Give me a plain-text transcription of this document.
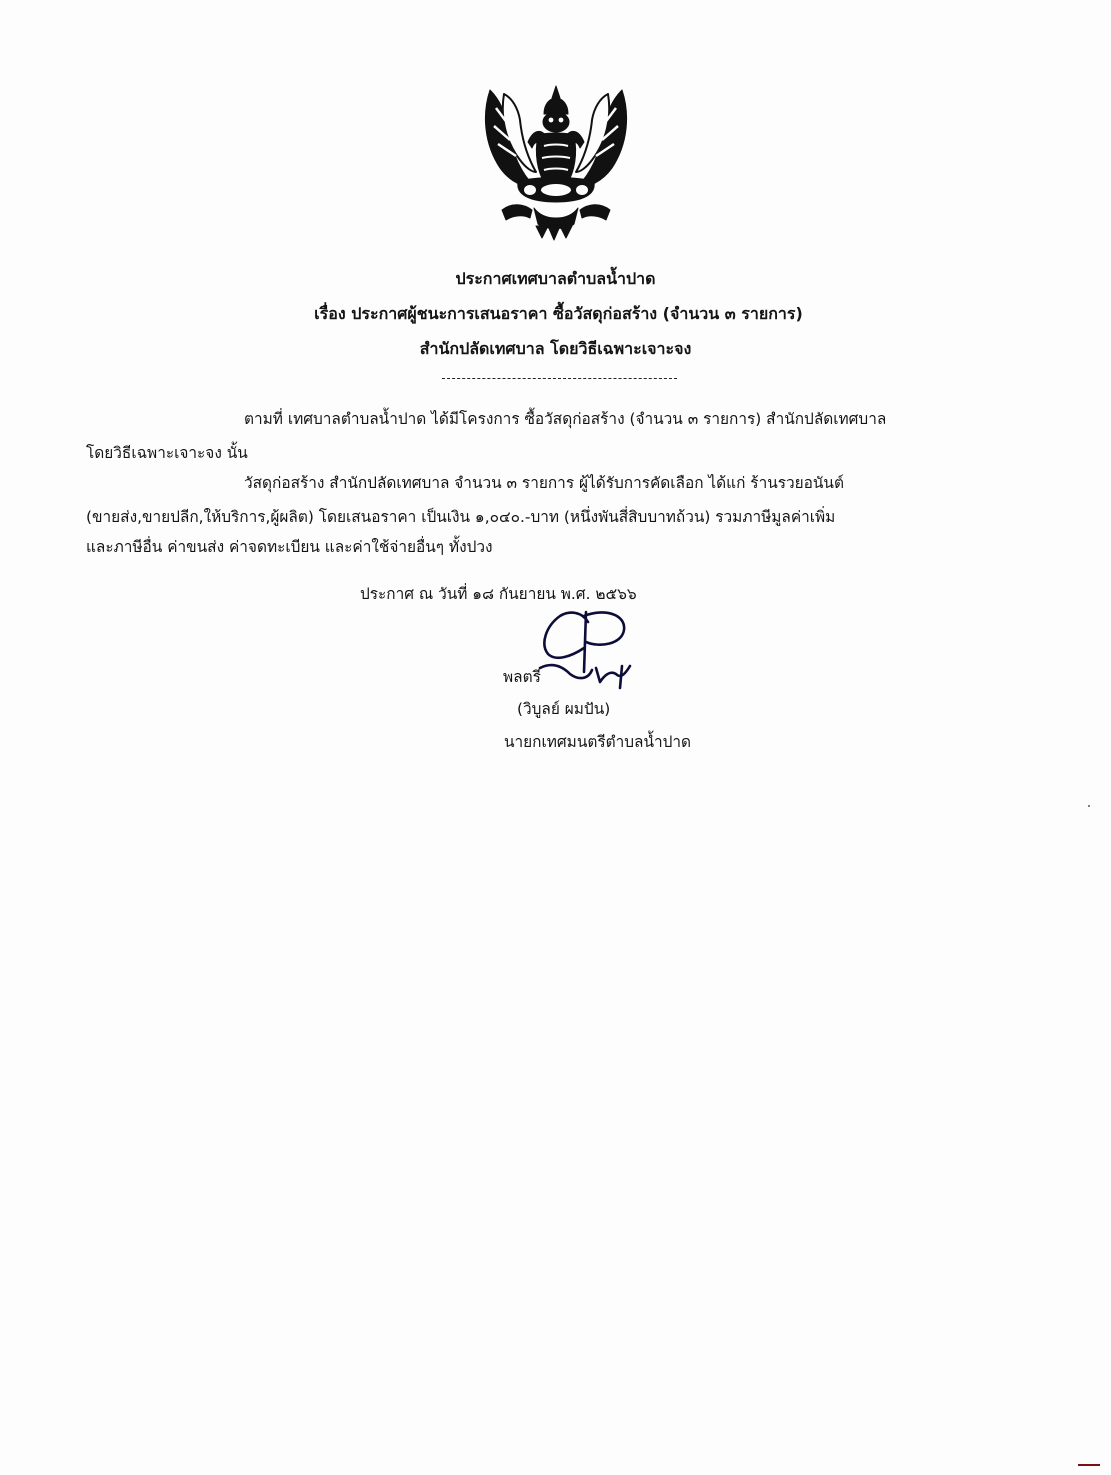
ประกาศเทศบาลตำบลน้ำปาด
เรื่อง ประกาศผู้ชนะการเสนอราคา ซื้อวัสดุก่อสร้าง (จำนวน ๓ รายการ)
สำนักปลัดเทศบาล โดยวิธีเฉพาะเจาะจง
ตามที่ เทศบาลตำบลน้ำปาด ได้มีโครงการ ซื้อวัสดุก่อสร้าง (จำนวน ๓ รายการ) สำนักปลัดเทศบาล
โดยวิธีเฉพาะเจาะจง นั้น
วัสดุก่อสร้าง สำนักปลัดเทศบาล จำนวน ๓ รายการ ผู้ได้รับการคัดเลือก ได้แก่ ร้านรวยอนันต์
(ขายส่ง,ขายปลีก,ให้บริการ,ผู้ผลิต) โดยเสนอราคา เป็นเงิน ๑,๐๔๐.-บาท (หนึ่งพันสี่สิบบาทถ้วน) รวมภาษีมูลค่าเพิ่ม
และภาษีอื่น ค่าขนส่ง ค่าจดทะเบียน และค่าใช้จ่ายอื่นๆ ทั้งปวง
ประกาศ ณ วันที่ ๑๘ กันยายน พ.ศ. ๒๕๖๖
พลตรี
(วิบูลย์ ผมปัน)
นายกเทศมนตรีตำบลน้ำปาด
